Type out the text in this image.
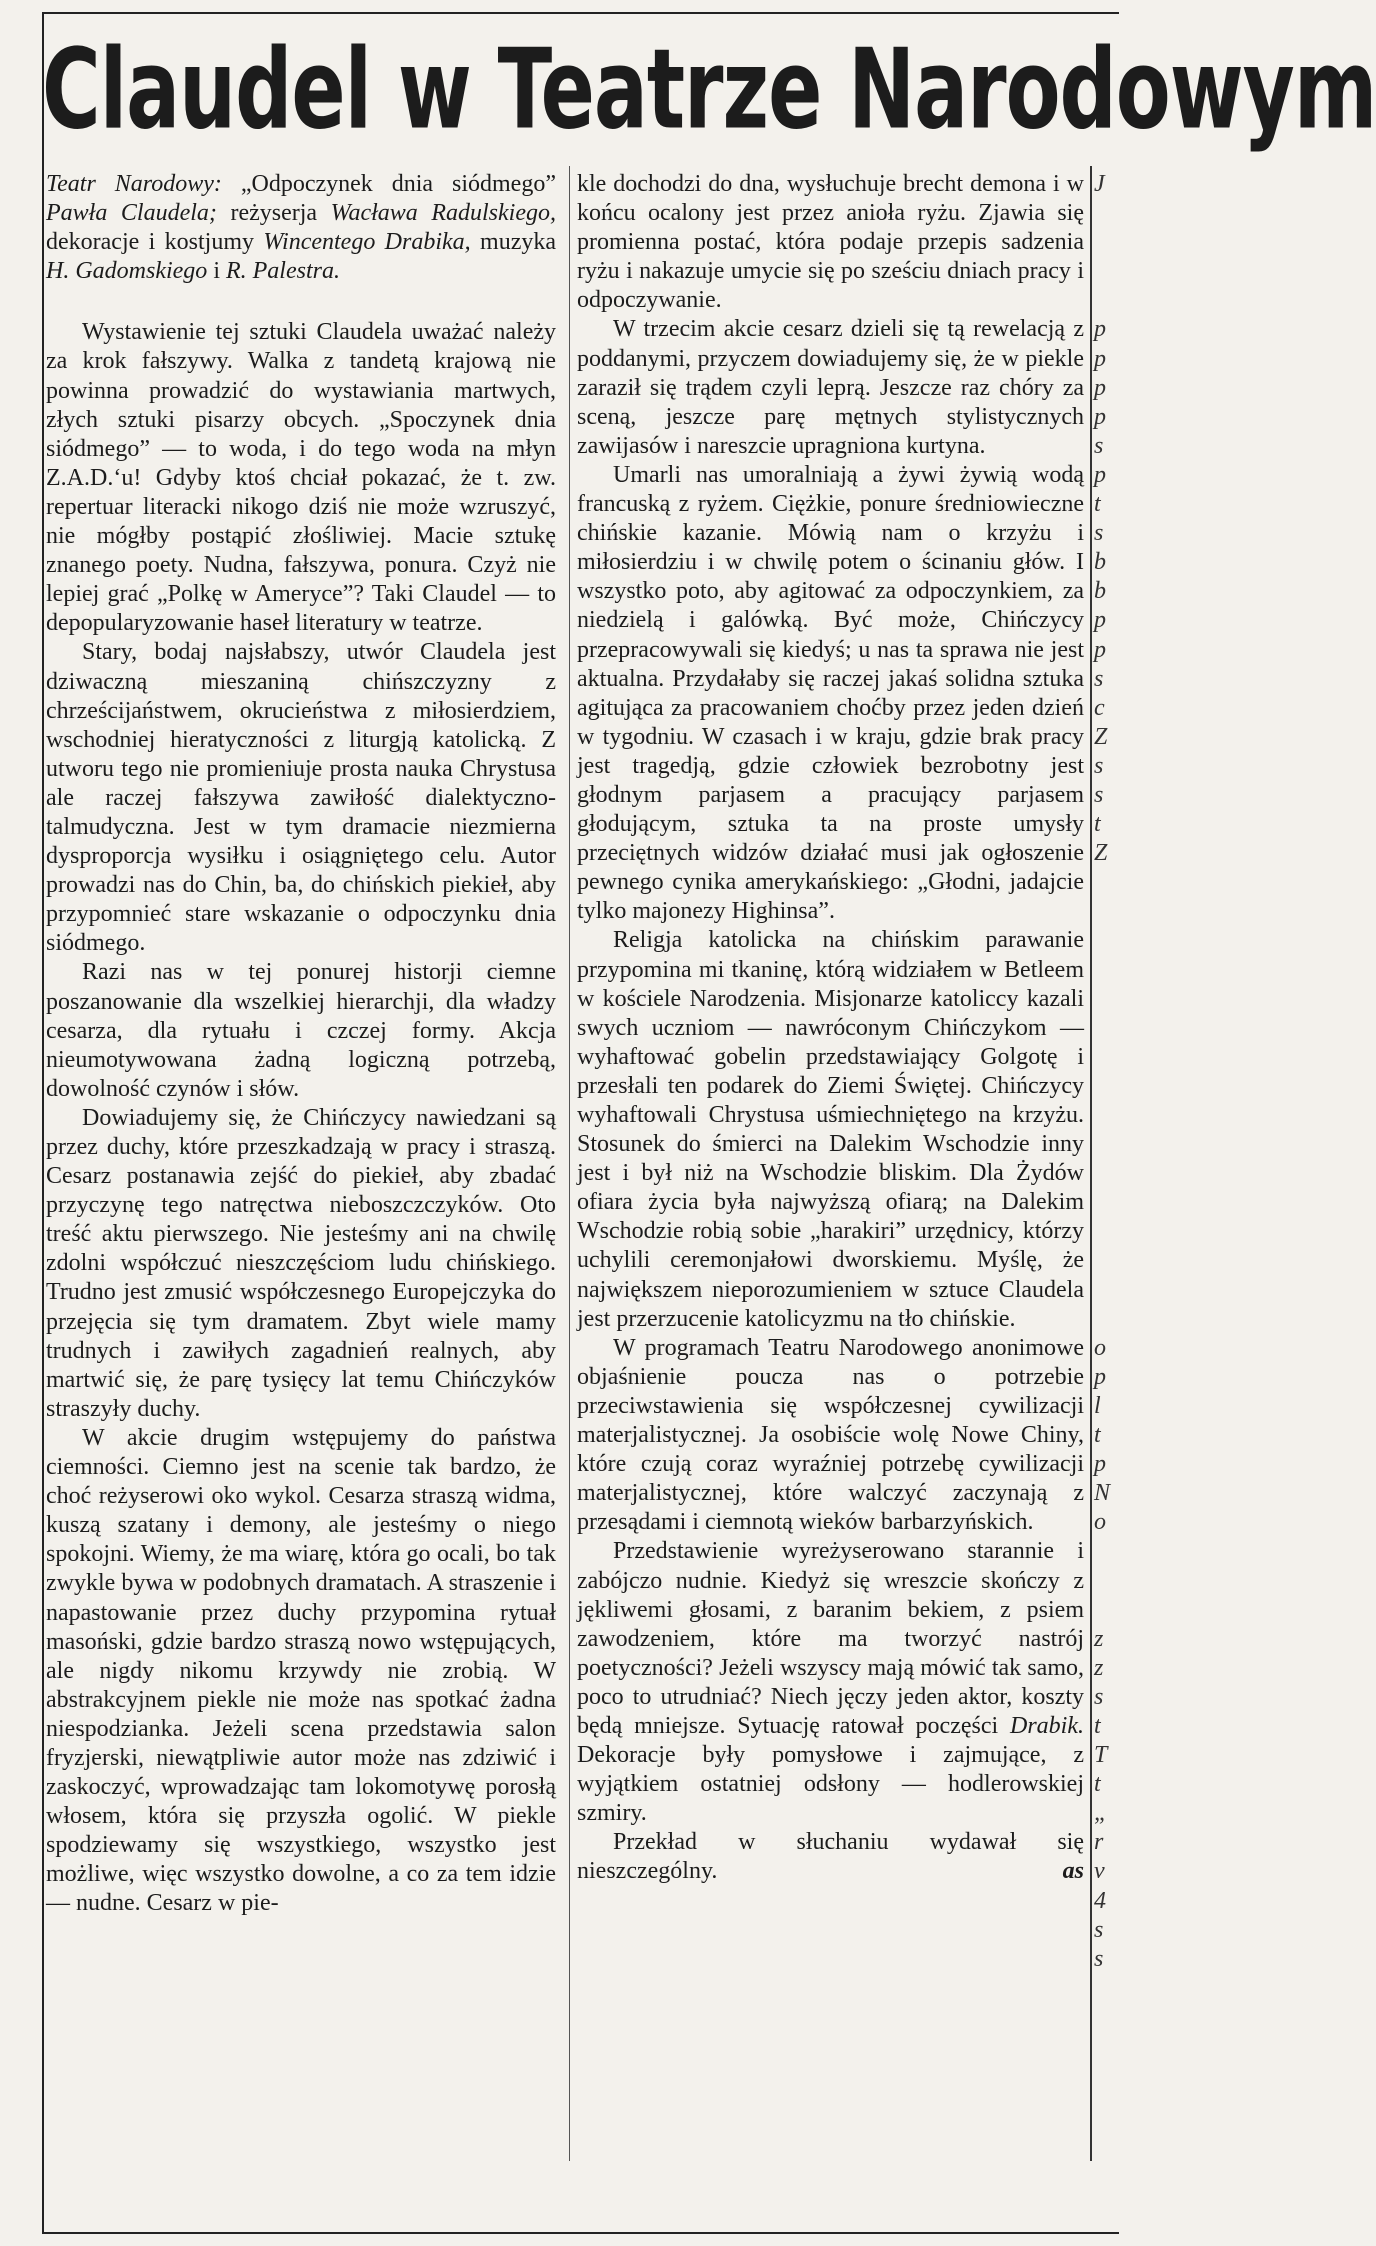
Claudel w Teatrze Narodowym

Teatr Narodowy: „Odpoczynek dnia siódmego” Pawła Claudela; reżyserja Wacława Radulskiego, dekoracje i kostjumy Wincentego Drabika, muzyka H. Gadomskiego i R. Palestra.

Wystawienie tej sztuki Claudela uważać należy za krok fałszywy. Walka z tandetą krajową nie powinna prowadzić do wystawiania martwych, złych sztuki pisarzy obcych. „Spoczynek dnia siódmego” — to woda, i do tego woda na młyn Z.A.D.‘u! Gdyby ktoś chciał pokazać, że t. zw. repertuar literacki nikogo dziś nie może wzruszyć, nie mógłby postąpić złośliwiej. Macie sztukę znanego poety. Nudna, fałszywa, ponura. Czyż nie lepiej grać „Polkę w Ameryce”? Taki Claudel — to depopularyzowanie haseł literatury w teatrze.

Stary, bodaj najsłabszy, utwór Claudela jest dziwaczną mieszaniną chińszczyzny z chrześcijaństwem, okrucieństwa z miłosierdziem, wschodniej hieratyczności z liturgją katolicką. Z utworu tego nie promieniuje prosta nauka Chrystusa ale raczej fałszywa zawiłość dialektyczno-talmudyczna. Jest w tym dramacie niezmierna dysproporcja wysiłku i osiągniętego celu. Autor prowadzi nas do Chin, ba, do chińskich piekieł, aby przypomnieć stare wskazanie o odpoczynku dnia siódmego.

Razi nas w tej ponurej historji ciemne poszanowanie dla wszelkiej hierarchji, dla władzy cesarza, dla rytuału i czczej formy. Akcja nieumotywowana żadną logiczną potrzebą, dowolność czynów i słów.

Dowiadujemy się, że Chińczycy nawiedzani są przez duchy, które przeszkadzają w pracy i straszą. Cesarz postanawia zejść do piekieł, aby zbadać przyczynę tego natręctwa nieboszczczyków. Oto treść aktu pierwszego. Nie jesteśmy ani na chwilę zdolni współczuć nieszczęściom ludu chińskiego. Trudno jest zmusić współczesnego Europejczyka do przejęcia się tym dramatem. Zbyt wiele mamy trudnych i zawiłych zagadnień realnych, aby martwić się, że parę tysięcy lat temu Chińczyków straszyły duchy.

W akcie drugim wstępujemy do państwa ciemności. Ciemno jest na scenie tak bardzo, że choć reżyserowi oko wykol. Cesarza straszą widma, kuszą szatany i demony, ale jesteśmy o niego spokojni. Wiemy, że ma wiarę, która go ocali, bo tak zwykle bywa w podobnych dramatach. A straszenie i napastowanie przez duchy przypomina rytuał masoński, gdzie bardzo straszą nowo wstępujących, ale nigdy nikomu krzywdy nie zrobią. W abstrakcyjnem piekle nie może nas spotkać żadna niespodzianka. Jeżeli scena przedstawia salon fryzjerski, niewątpliwie autor może nas zdziwić i zaskoczyć, wprowadzając tam lokomotywę porosłą włosem, która się przyszła ogolić. W piekle spodziewamy się wszystkiego, wszystko jest możliwe, więc wszystko dowolne, a co za tem idzie — nudne. Cesarz w pie-

kle dochodzi do dna, wysłuchuje brecht demona i w końcu ocalony jest przez anioła ryżu. Zjawia się promienna postać, która podaje przepis sadzenia ryżu i nakazuje umycie się po sześciu dniach pracy i odpoczywanie.

W trzecim akcie cesarz dzieli się tą rewelacją z poddanymi, przyczem dowiadujemy się, że w piekle zaraził się trądem czyli leprą. Jeszcze raz chóry za sceną, jeszcze parę mętnych stylistycznych zawijasów i nareszcie upragniona kurtyna.

Umarli nas umoralniają a żywi żywią wodą francuską z ryżem. Ciężkie, ponure średniowieczne chińskie kazanie. Mówią nam o krzyżu i miłosierdziu i w chwilę potem o ścinaniu głów. I wszystko poto, aby agitować za odpoczynkiem, za niedzielą i galówką. Być może, Chińczycy przepracowywali się kiedyś; u nas ta sprawa nie jest aktualna. Przydałaby się raczej jakaś solidna sztuka agitująca za pracowaniem choćby przez jeden dzień w tygodniu. W czasach i w kraju, gdzie brak pracy jest tragedją, gdzie człowiek bezrobotny jest głodnym parjasem a pracujący parjasem głodującym, sztuka ta na proste umysły przeciętnych widzów działać musi jak ogłoszenie pewnego cynika amerykańskiego: „Głodni, jadajcie tylko majonezy Highinsa”.

Religja katolicka na chińskim parawanie przypomina mi tkaninę, którą widziałem w Betleem w kościele Narodzenia. Misjonarze katoliccy kazali swych uczniom — nawróconym Chińczykom — wyhaftować gobelin przedstawiający Golgotę i przesłali ten podarek do Ziemi Świętej. Chińczycy wyhaftowali Chrystusa uśmiechniętego na krzyżu. Stosunek do śmierci na Dalekim Wschodzie inny jest i był niż na Wschodzie bliskim. Dla Żydów ofiara życia była najwyższą ofiarą; na Dalekim Wschodzie robią sobie „harakiri” urzędnicy, którzy uchylili ceremonjałowi dworskiemu. Myślę, że największem nieporozumieniem w sztuce Claudela jest przerzucenie katolicyzmu na tło chińskie.

W programach Teatru Narodowego anonimowe objaśnienie poucza nas o potrzebie przeciwstawienia się współczesnej cywilizacji materjalistycznej. Ja osobiście wolę Nowe Chiny, które czują coraz wyraźniej potrzebę cywilizacji materjalistycznej, które walczyć zaczynają z przesądami i ciemnotą wieków barbarzyńskich.

Przedstawienie wyreżyserowano starannie i zabójczo nudnie. Kiedyż się wreszcie skończy z jękliwemi głosami, z baranim bekiem, z psiem zawodzeniem, które ma tworzyć nastrój poetyczności? Jeżeli wszyscy mają mówić tak samo, poco to utrudniać? Niech jęczy jeden aktor, koszty będą mniejsze. Sytuację ratował poczęści Drabik. Dekoracje były pomysłowe i zajmujące, z wyjątkiem ostatniej odsłony — hodlerowskiej szmiry.

Przekład w słuchaniu wydawał się nieszczególny.	as

J
p
p
p
p
s
p
t
s
b
b
p
p
s
c
Z
s
s
t
Z
o
p
l
t
p
N
o
z
z
s
t
T
t
„
r
v
4
s
s
